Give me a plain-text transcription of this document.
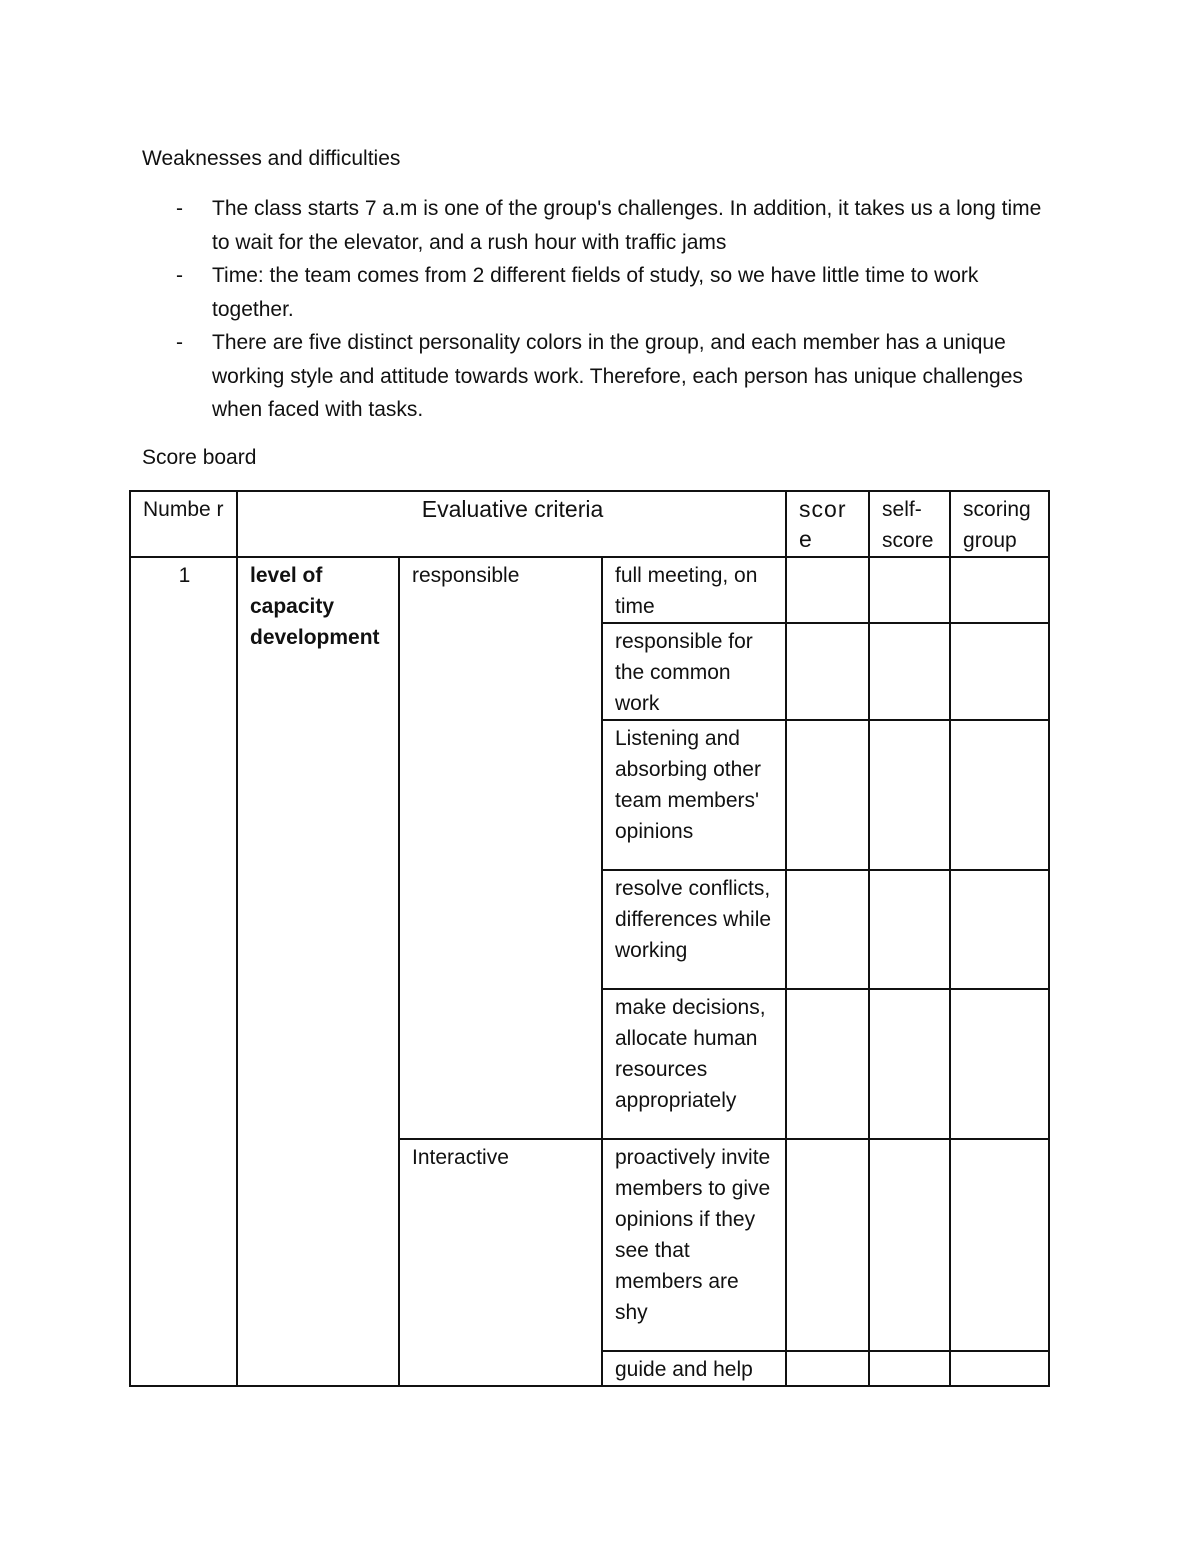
Weaknesses and difficulties
- The class starts 7 a.m is one of the group's challenges. In addition, it takes us a long time to wait for the elevator, and a rush hour with traffic jams
- Time: the team comes from 2 different fields of study, so we have little time to work together.
- There are five distinct personality colors in the group, and each member has a unique working style and attitude towards work. Therefore, each person has unique challenges when faced with tasks.
Score board
Numbe r	Evaluative criteria			scor e	self-score	scoring group
1	level of capacity development	responsible	full meeting, on time			
			responsible for the common work			
			Listening and absorbing other team members' opinions			
			resolve conflicts, differences while working			
			make decisions, allocate human resources appropriately			
		Interactive	proactively invite members to give opinions if they see that members are shy			
			guide and help			
